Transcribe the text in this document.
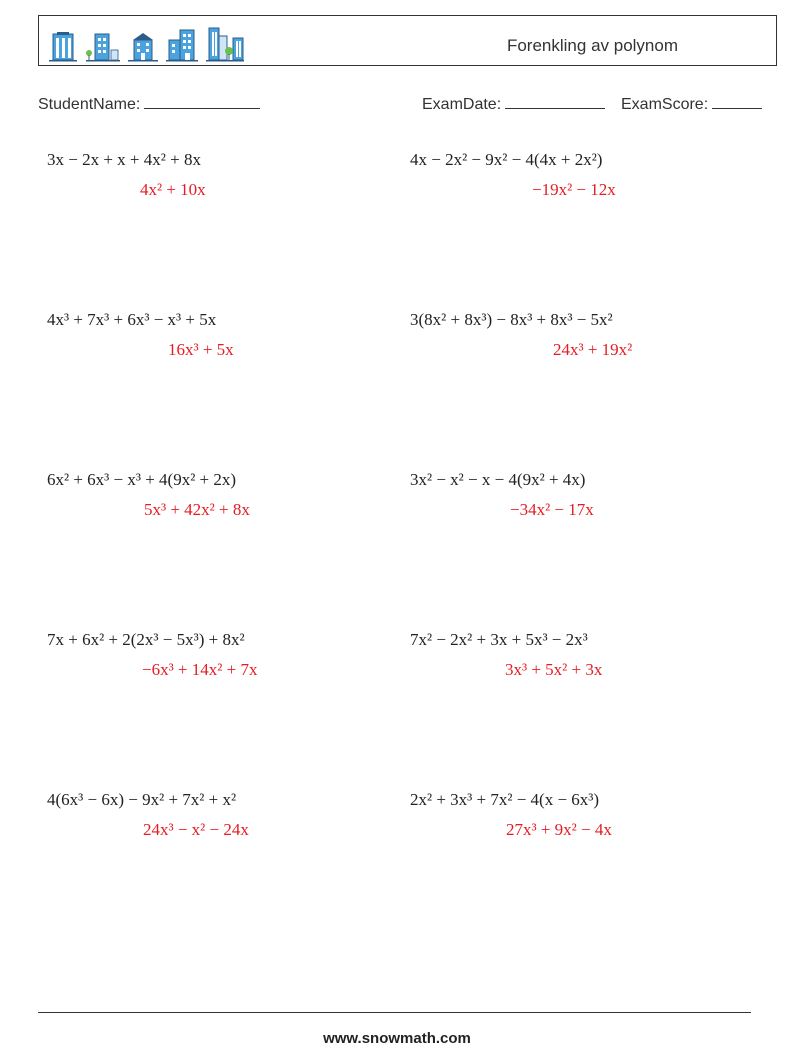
Forenkling av polynom
StudentName:	ExamDate:	ExamScore:
3x − 2x + x + 4x² + 8x
4x² + 10x
4x − 2x² − 9x² − 4(4x + 2x²)
−19x² − 12x
4x³ + 7x³ + 6x³ − x³ + 5x
16x³ + 5x
3(8x² + 8x³) − 8x³ + 8x³ − 5x²
24x³ + 19x²
6x² + 6x³ − x³ + 4(9x² + 2x)
5x³ + 42x² + 8x
3x² − x² − x − 4(9x² + 4x)
−34x² − 17x
7x + 6x² + 2(2x³ − 5x³) + 8x²
−6x³ + 14x² + 7x
7x² − 2x² + 3x + 5x³ − 2x³
3x³ + 5x² + 3x
4(6x³ − 6x) − 9x² + 7x² + x²
24x³ − x² − 24x
2x² + 3x³ + 7x² − 4(x − 6x³)
27x³ + 9x² − 4x
www.snowmath.com
